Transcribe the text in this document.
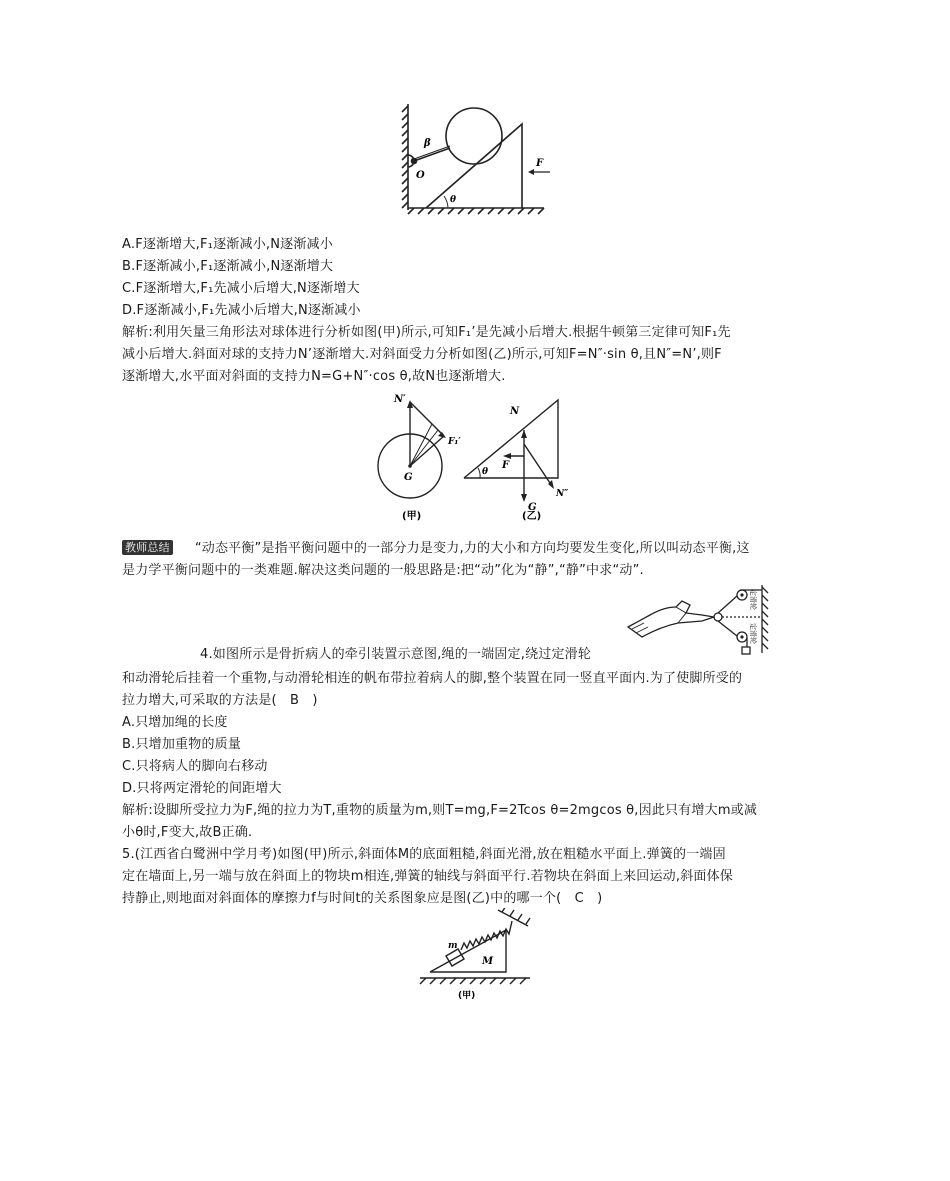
β
O
F
θ
A.F逐渐增大,F₁逐渐减小,N逐渐减小
B.F逐渐减小,F₁逐渐减小,N逐渐增大
C.F逐渐增大,F₁先减小后增大,N逐渐增大
D.F逐渐减小,F₁先减小后增大,N逐渐减小
解析:利用矢量三角形法对球体进行分析如图(甲)所示,可知F₁’是先减小后增大.根据牛顿第三定律可知F₁先
减小后增大.斜面对球的支持力N’逐渐增大.对斜面受力分析如图(乙)所示,可知F=N″·sin θ,且N″=N’,则F
逐渐增大,水平面对斜面的支持力N=G+N″·cos θ,故N也逐渐增大.
N′
F₁′
G
(甲)
N
θ
F
G
N″
(乙)
教师总结 “动态平衡”是指平衡问题中的一部分力是变力,力的大小和方向均要发生变化,所以叫动态平衡,这
是力学平衡问题中的一类难题.解决这类问题的一般思路是:把“动”化为“静”,“静”中求“动”.
定滑轮
定滑轮
4.如图所示是骨折病人的牵引装置示意图,绳的一端固定,绕过定滑轮
和动滑轮后挂着一个重物,与动滑轮相连的帆布带拉着病人的脚,整个装置在同一竖直平面内.为了使脚所受的
拉力增大,可采取的方法是(　B　)
A.只增加绳的长度
B.只增加重物的质量
C.只将病人的脚向右移动
D.只将两定滑轮的间距增大
解析:设脚所受拉力为F,绳的拉力为T,重物的质量为m,则T=mg,F=2Tcos θ=2mgcos θ,因此只有增大m或减
小θ时,F变大,故B正确.
5.(江西省白鹭洲中学月考)如图(甲)所示,斜面体M的底面粗糙,斜面光滑,放在粗糙水平面上.弹簧的一端固
定在墙面上,另一端与放在斜面上的物块m相连,弹簧的轴线与斜面平行.若物块在斜面上来回运动,斜面体保
持静止,则地面对斜面体的摩擦力f与时间t的关系图象应是图(乙)中的哪一个(　C　)
m
M
(甲)
